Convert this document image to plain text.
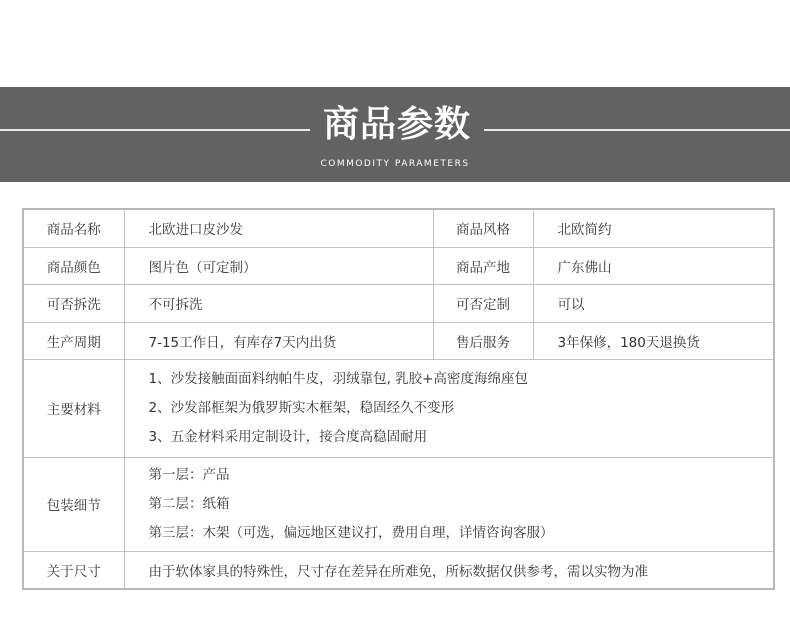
商品参数
COMMODITY PARAMETERS
商品名称	北欧进口皮沙发	商品风格	北欧简约
商品颜色	图片色（可定制）	商品产地	广东佛山
可否拆洗	不可拆洗	可否定制	可以
生产周期	7-15工作日，有库存7天内出货	售后服务	3年保修，180天退换货
主要材料	1、沙发接触面面料纳帕牛皮，羽绒靠包, 乳胶+高密度海绵座包
2、沙发部框架为俄罗斯实木框架，稳固经久不变形
3、五金材料采用定制设计，接合度高稳固耐用		

包装细节	第一层：产品
第二层：纸箱
第三层：木架（可选，偏远地区建议打，费用自理，详情咨询客服）		

关于尺寸	由于软体家具的特殊性，尺寸存在差异在所难免，所标数据仅供参考，需以实物为准		
